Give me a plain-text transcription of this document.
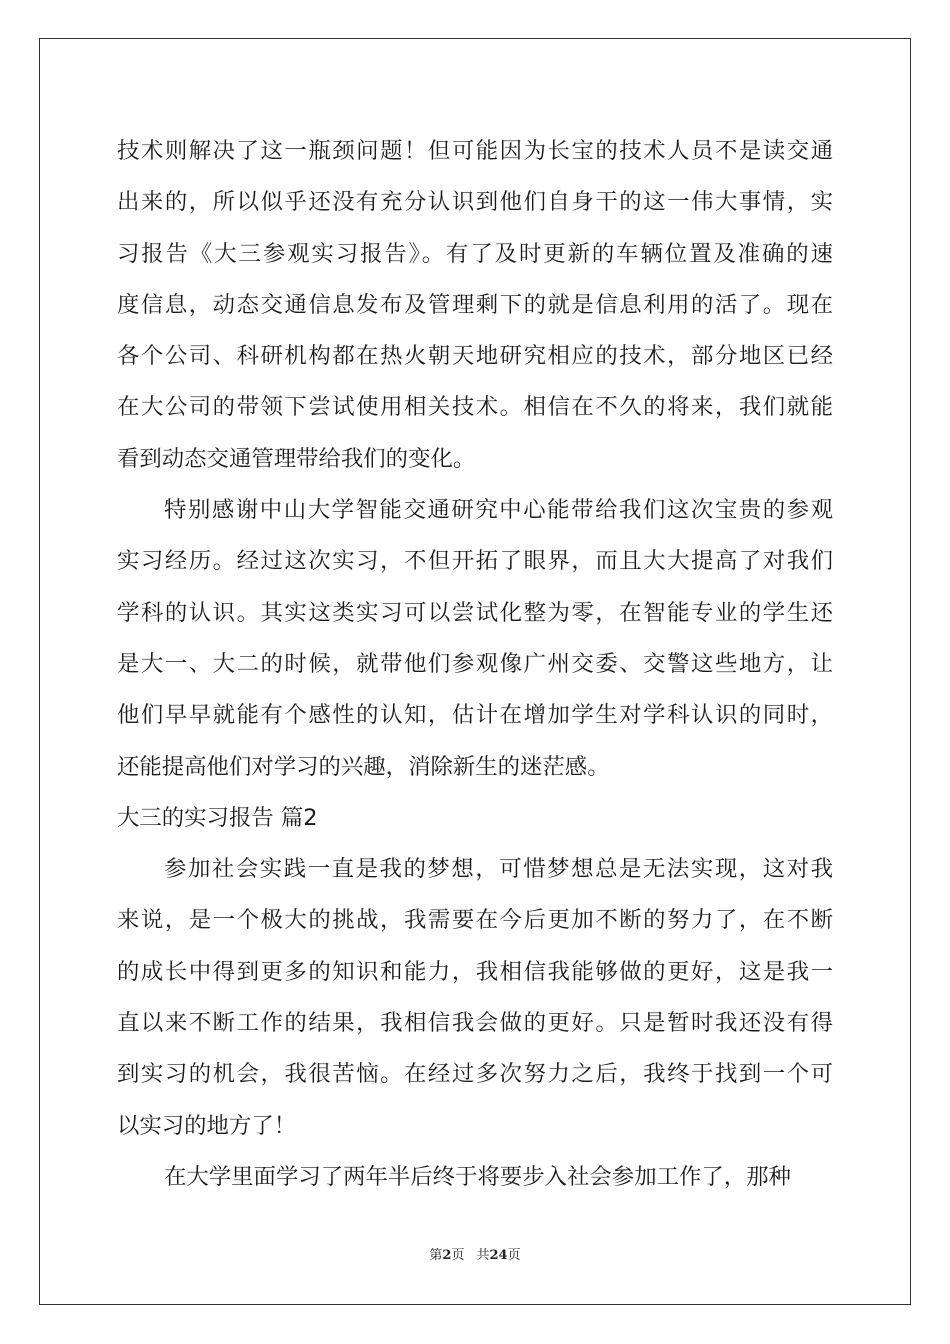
技术则解决了这一瓶颈问题！但可能因为长宝的技术人员不是读交通
出来的，所以似乎还没有充分认识到他们自身干的这一伟大事情，实
习报告《大三参观实习报告》。有了及时更新的车辆位置及准确的速
度信息，动态交通信息发布及管理剩下的就是信息利用的活了。现在
各个公司、科研机构都在热火朝天地研究相应的技术，部分地区已经
在大公司的带领下尝试使用相关技术。相信在不久的将来，我们就能
看到动态交通管理带给我们的变化。
特别感谢中山大学智能交通研究中心能带给我们这次宝贵的参观
实习经历。经过这次实习，不但开拓了眼界，而且大大提高了对我们
学科的认识。其实这类实习可以尝试化整为零，在智能专业的学生还
是大一、大二的时候，就带他们参观像广州交委、交警这些地方，让
他们早早就能有个感性的认知，估计在增加学生对学科认识的同时，
还能提高他们对学习的兴趣，消除新生的迷茫感。
大三的实习报告 篇2
参加社会实践一直是我的梦想，可惜梦想总是无法实现，这对我
来说，是一个极大的挑战，我需要在今后更加不断的努力了，在不断
的成长中得到更多的知识和能力，我相信我能够做的更好，这是我一
直以来不断工作的结果，我相信我会做的更好。只是暂时我还没有得
到实习的机会，我很苦恼。在经过多次努力之后，我终于找到一个可
以实习的地方了！
在大学里面学习了两年半后终于将要步入社会参加工作了，那种
第2页 共24页
